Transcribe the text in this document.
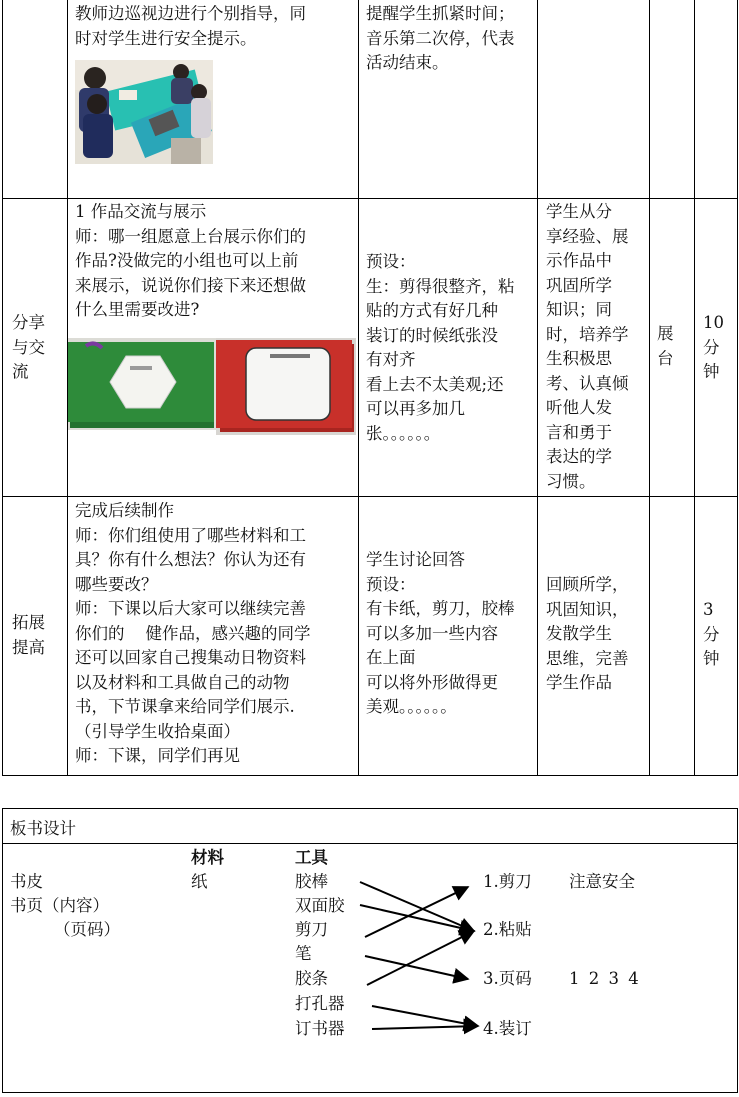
教师边巡视边进行个别指导，同
时对学生进行安全提示。
提醒学生抓紧时间；
音乐第二次停，代表
活动结束。
分享
与交
流
1 作品交流与展示
师：哪一组愿意上台展示你们的
作品?没做完的小组也可以上前
来展示，说说你们接下来还想做
什么里需要改进?
预设：
生：剪得很整齐，粘
贴的方式有好几种
装订的时候纸张没
有对齐
看上去不太美观;还
可以再多加几
张。。。。。。
学生从分
享经验、展
示作品中
巩固所学
知识；同
时，培养学
生积极思
考、认真倾
听他人发
言和勇于
表达的学
习惯。
展
台
10
分
钟
拓展
提高
完成后续制作
师：你们组使用了哪些材料和工
具？你有什么想法？你认为还有
哪些要改？
师：下课以后大家可以继续完善
你们的    健作品，感兴趣的同学
还可以回家自己搜集动日物资料
以及材料和工具做自己的动物
书，下节课拿来给同学们展示.
（引导学生收拾桌面）
师：下课，同学们再见
学生讨论回答
预设：
有卡纸，剪刀，胶棒
可以多加一些内容
在上面
可以将外形做得更
美观。。。。。。
回顾所学，
巩固知识，
发散学生
思维，完善
学生作品
3
分
钟
板书设计
书皮
书页（内容）
（页码）
材料
纸
工具
胶棒
双面胶
剪刀
笔
胶条
打孔器
订书器
1.剪刀
2.粘贴
3.页码
4.装订
注意安全
1 2 3 4
